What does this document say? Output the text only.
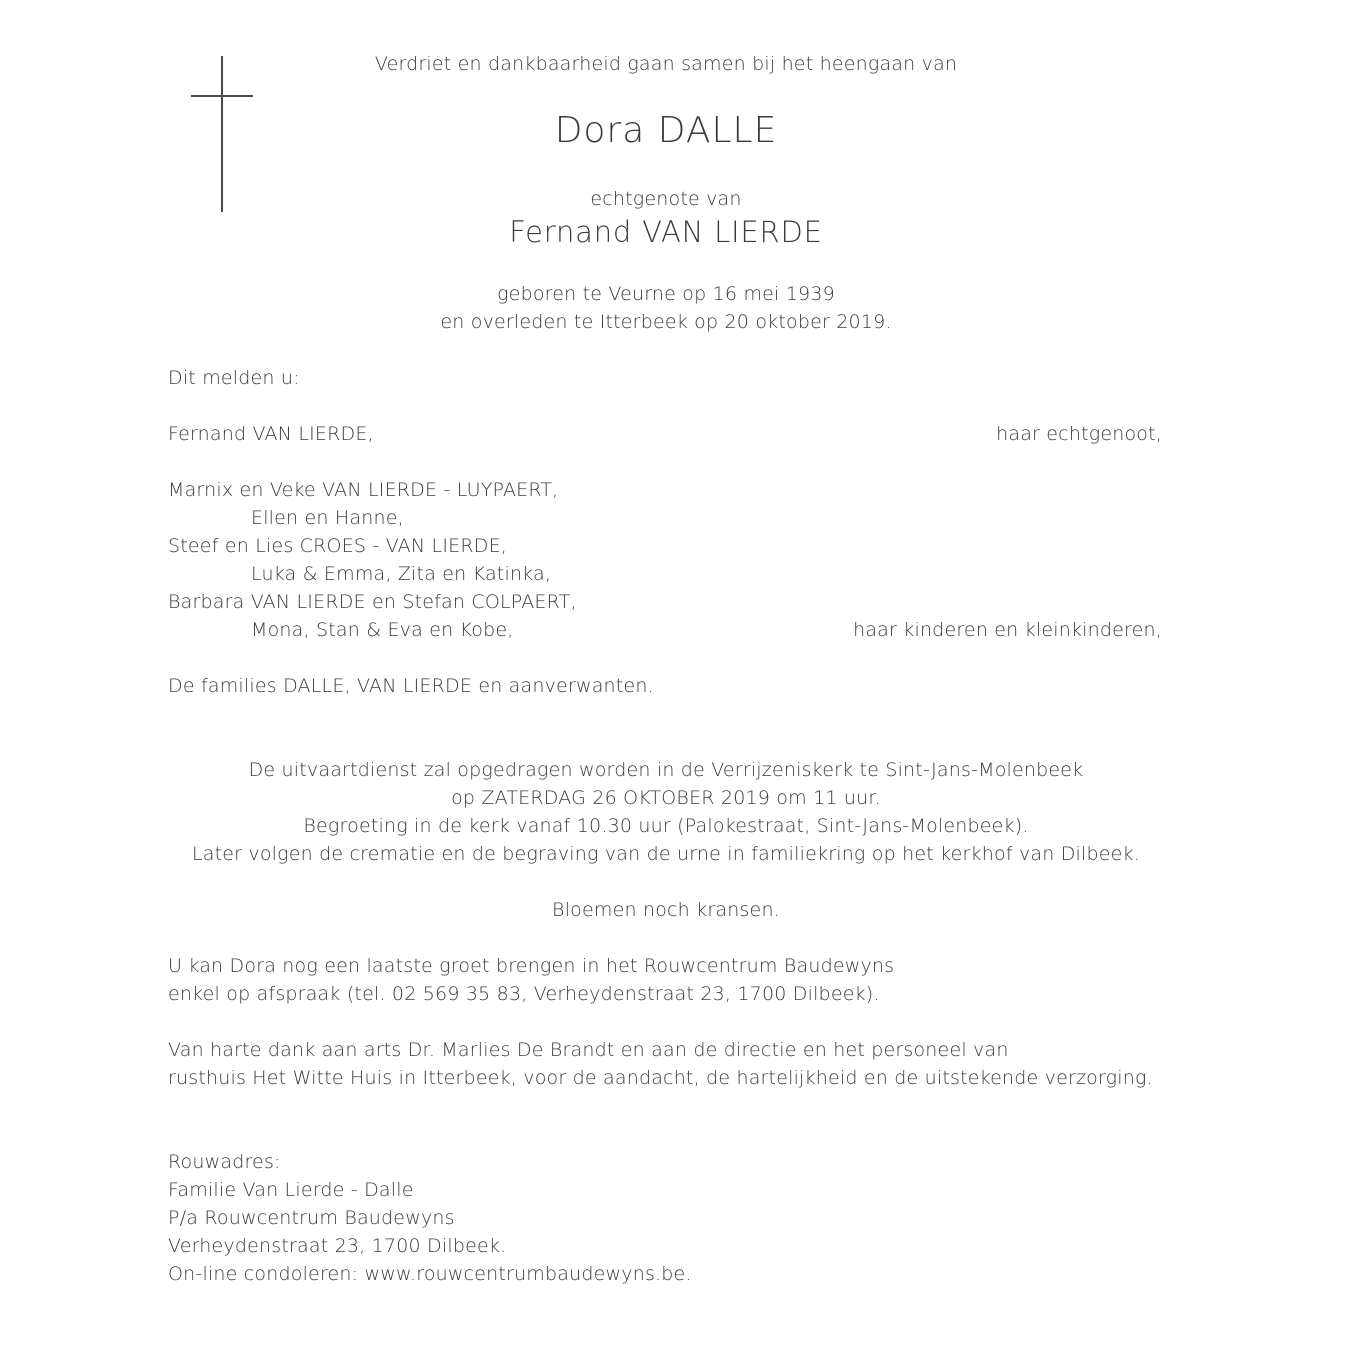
Verdriet en dankbaarheid gaan samen bij het heengaan van
Dora DALLE
echtgenote van
Fernand VAN LIERDE
geboren te Veurne op 16 mei 1939
en overleden te Itterbeek op 20 oktober 2019.
Dit melden u:
Fernand VAN LIERDE,	haar echtgenoot,
Marnix en Veke VAN LIERDE - LUYPAERT,
Ellen en Hanne,
Steef en Lies CROES - VAN LIERDE,
Luka & Emma, Zita en Katinka,
Barbara VAN LIERDE en Stefan COLPAERT,
Mona, Stan & Eva en Kobe,	haar kinderen en kleinkinderen,
De families DALLE, VAN LIERDE en aanverwanten.
De uitvaartdienst zal opgedragen worden in de Verrijzeniskerk te Sint-Jans-Molenbeek
op ZATERDAG 26 OKTOBER 2019 om 11 uur.
Begroeting in de kerk vanaf 10.30 uur (Palokestraat, Sint-Jans-Molenbeek).
Later volgen de crematie en de begraving van de urne in familiekring op het kerkhof van Dilbeek.
Bloemen noch kransen.
U kan Dora nog een laatste groet brengen in het Rouwcentrum Baudewyns
enkel op afspraak (tel. 02 569 35 83, Verheydenstraat 23, 1700 Dilbeek).
Van harte dank aan arts Dr. Marlies De Brandt en aan de directie en het personeel van
rusthuis Het Witte Huis in Itterbeek, voor de aandacht, de hartelijkheid en de uitstekende verzorging.
Rouwadres:
Familie Van Lierde - Dalle
P/a Rouwcentrum Baudewyns
Verheydenstraat 23, 1700 Dilbeek.
On-line condoleren: www.rouwcentrumbaudewyns.be.
